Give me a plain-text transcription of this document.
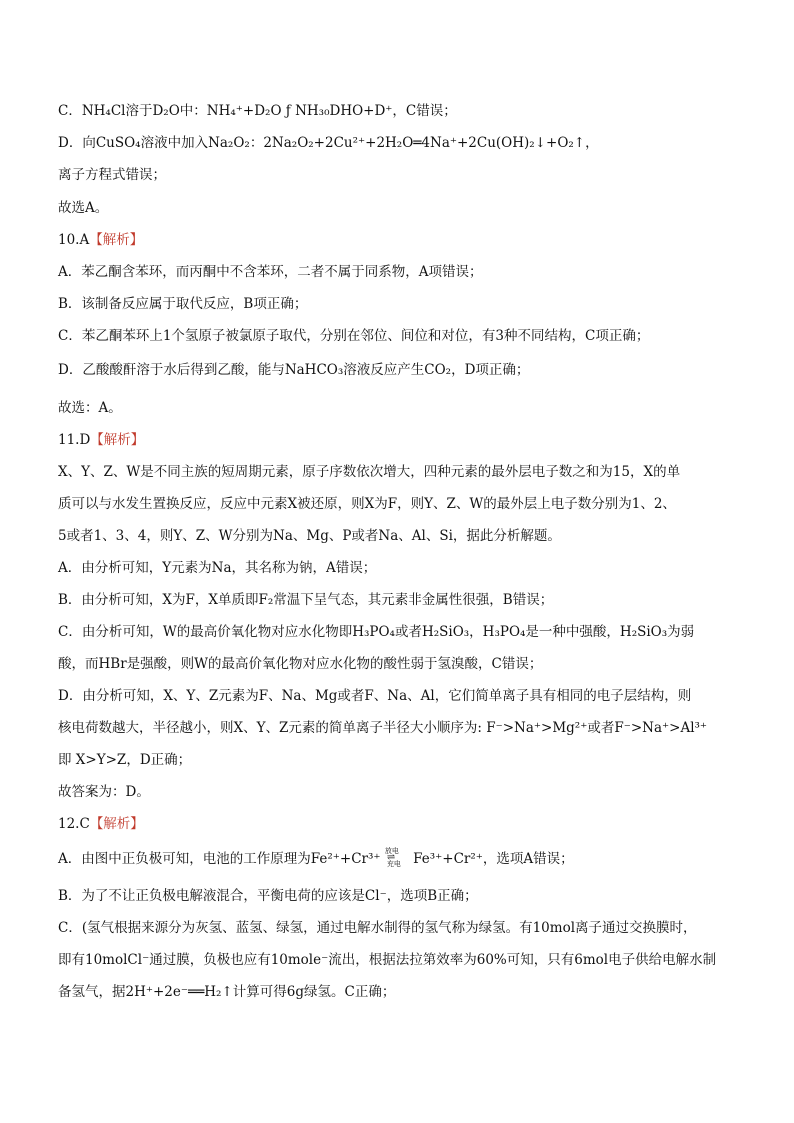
C．NH₄Cl溶于D₂O中：NH₄⁺+D₂O ƒ NH₃₀DHO+D⁺，C错误；
D．向CuSO₄溶液中加入Na₂O₂：2Na₂O₂+2Cu²⁺+2H₂O═4Na⁺+2Cu(OH)₂↓+O₂↑，
离子方程式错误；
故选A。
10.A【解析】
A．苯乙酮含苯环，而丙酮中不含苯环，二者不属于同系物，A项错误；
B．该制备反应属于取代反应，B项正确；
C．苯乙酮苯环上1个氢原子被氯原子取代，分别在邻位、间位和对位，有3种不同结构，C项正确；
D．乙酸酸酐溶于水后得到乙酸，能与NaHCO₃溶液反应产生CO₂，D项正确；
故选：A。
11.D【解析】
X、Y、Z、W是不同主族的短周期元素，原子序数依次增大，四种元素的最外层电子数之和为15，X的单
质可以与水发生置换反应，反应中元素X被还原，则X为F，则Y、Z、W的最外层上电子数分别为1、2、
5或者1、3、4，则Y、Z、W分别为Na、Mg、P或者Na、Al、Si，据此分析解题。
A．由分析可知，Y元素为Na，其名称为钠，A错误；
B．由分析可知，X为F，X单质即F₂常温下呈气态，其元素非金属性很强，B错误；
C．由分析可知，W的最高价氧化物对应水化物即H₃PO₄或者H₂SiO₃，H₃PO₄是一种中强酸，H₂SiO₃为弱
酸，而HBr是强酸，则W的最高价氧化物对应水化物的酸性弱于氢溴酸，C错误；
D．由分析可知，X、Y、Z元素为F、Na、Mg或者F、Na、Al，它们简单离子具有相同的电子层结构，则
核电荷数越大，半径越小，则X、Y、Z元素的简单离子半径大小顺序为: F⁻>Na⁺>Mg²⁺或者F⁻>Na⁺>Al³⁺
即 X>Y>Z，D正确；
故答案为：D。
12.C【解析】
A．由图中正负极可知，电池的工作原理为Fe²⁺+Cr³⁺
放电
⇌
充电 Fe³⁺+Cr²⁺，选项A错误；
B．为了不让正负极电解液混合，平衡电荷的应该是Cl⁻，选项B正确；
C．(氢气根据来源分为灰氢、蓝氢、绿氢，通过电解水制得的氢气称为绿氢。有10mol离子通过交换膜时，
即有10molCl⁻通过膜，负极也应有10mole⁻流出，根据法拉第效率为60%可知，只有6mol电子供给电解水制
备氢气，据2H⁺+2e⁻══H₂↑计算可得6g绿氢。C正确；
